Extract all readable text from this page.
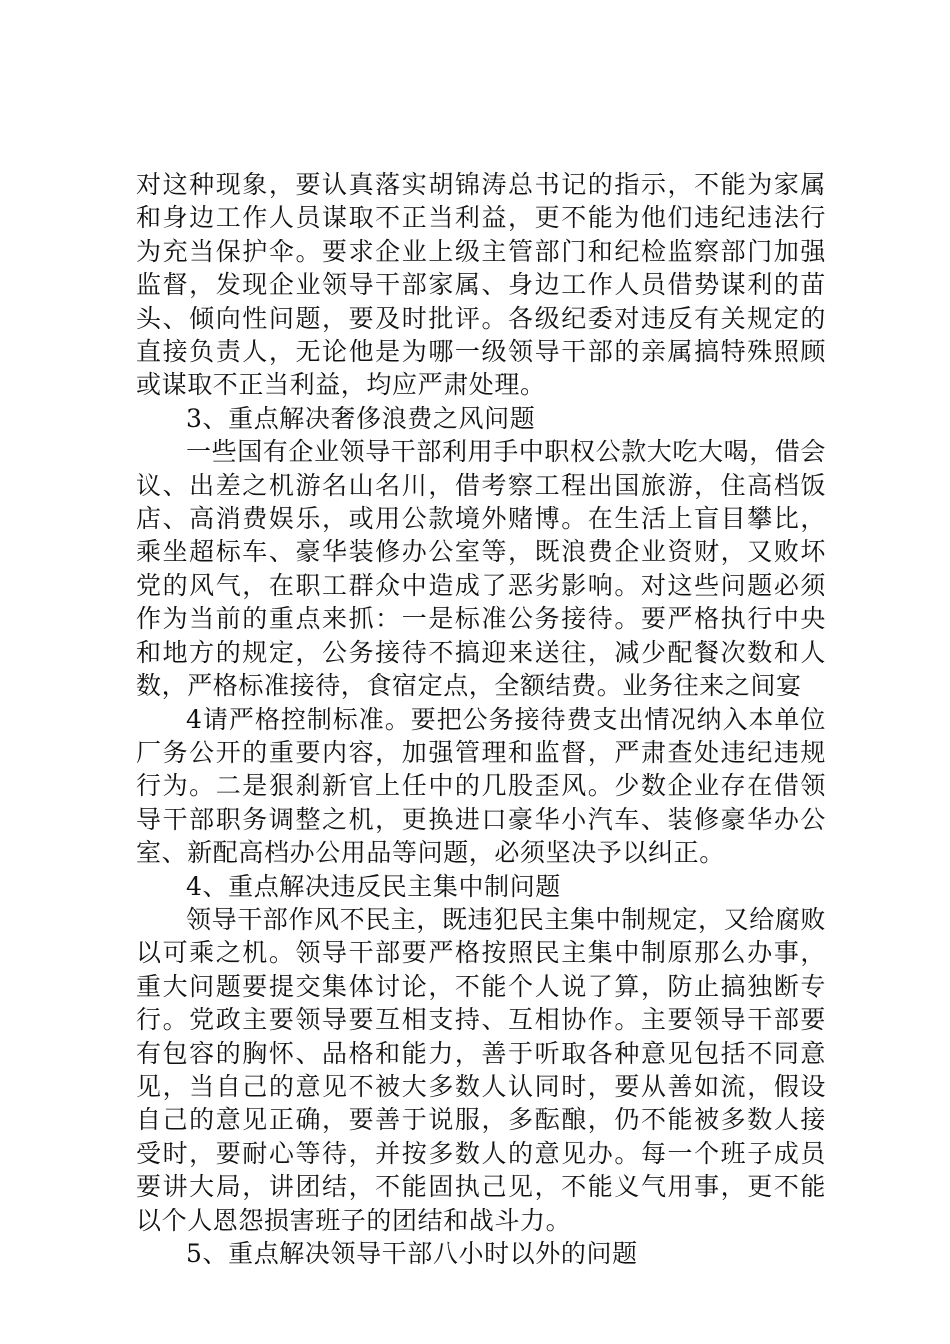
对这种现象，要认真落实胡锦涛总书记的指示，不能为家属和身边工作人员谋取不正当利益，更不能为他们违纪违法行为充当保护伞。要求企业上级主管部门和纪检监察部门加强监督，发现企业领导干部家属、身边工作人员借势谋利的苗头、倾向性问题，要及时批评。各级纪委对违反有关规定的直接负责人，无论他是为哪一级领导干部的亲属搞特殊照顾或谋取不正当利益，均应严肃处理。

3、重点解决奢侈浪费之风问题

一些国有企业领导干部利用手中职权公款大吃大喝，借会议、出差之机游名山名川，借考察工程出国旅游，住高档饭店、高消费娱乐，或用公款境外赌博。在生活上盲目攀比，乘坐超标车、豪华装修办公室等，既浪费企业资财，又败坏党的风气，在职工群众中造成了恶劣影响。对这些问题必须作为当前的重点来抓：一是标准公务接待。要严格执行中央和地方的规定，公务接待不搞迎来送往，减少配餐次数和人数，严格标准接待，食宿定点，全额结费。业务往来之间宴

4请严格控制标准。要把公务接待费支出情况纳入本单位厂务公开的重要内容，加强管理和监督，严肃查处违纪违规行为。二是狠刹新官上任中的几股歪风。少数企业存在借领导干部职务调整之机，更换进口豪华小汽车、装修豪华办公室、新配高档办公用品等问题，必须坚决予以纠正。

4、重点解决违反民主集中制问题

领导干部作风不民主，既违犯民主集中制规定，又给腐败以可乘之机。领导干部要严格按照民主集中制原那么办事，重大问题要提交集体讨论，不能个人说了算，防止搞独断专行。党政主要领导要互相支持、互相协作。主要领导干部要有包容的胸怀、品格和能力，善于听取各种意见包括不同意见，当自己的意见不被大多数人认同时，要从善如流，假设自己的意见正确，要善于说服，多酝酿，仍不能被多数人接受时，要耐心等待，并按多数人的意见办。每一个班子成员要讲大局，讲团结，不能固执己见，不能义气用事，更不能以个人恩怨损害班子的团结和战斗力。

5、重点解决领导干部八小时以外的问题
